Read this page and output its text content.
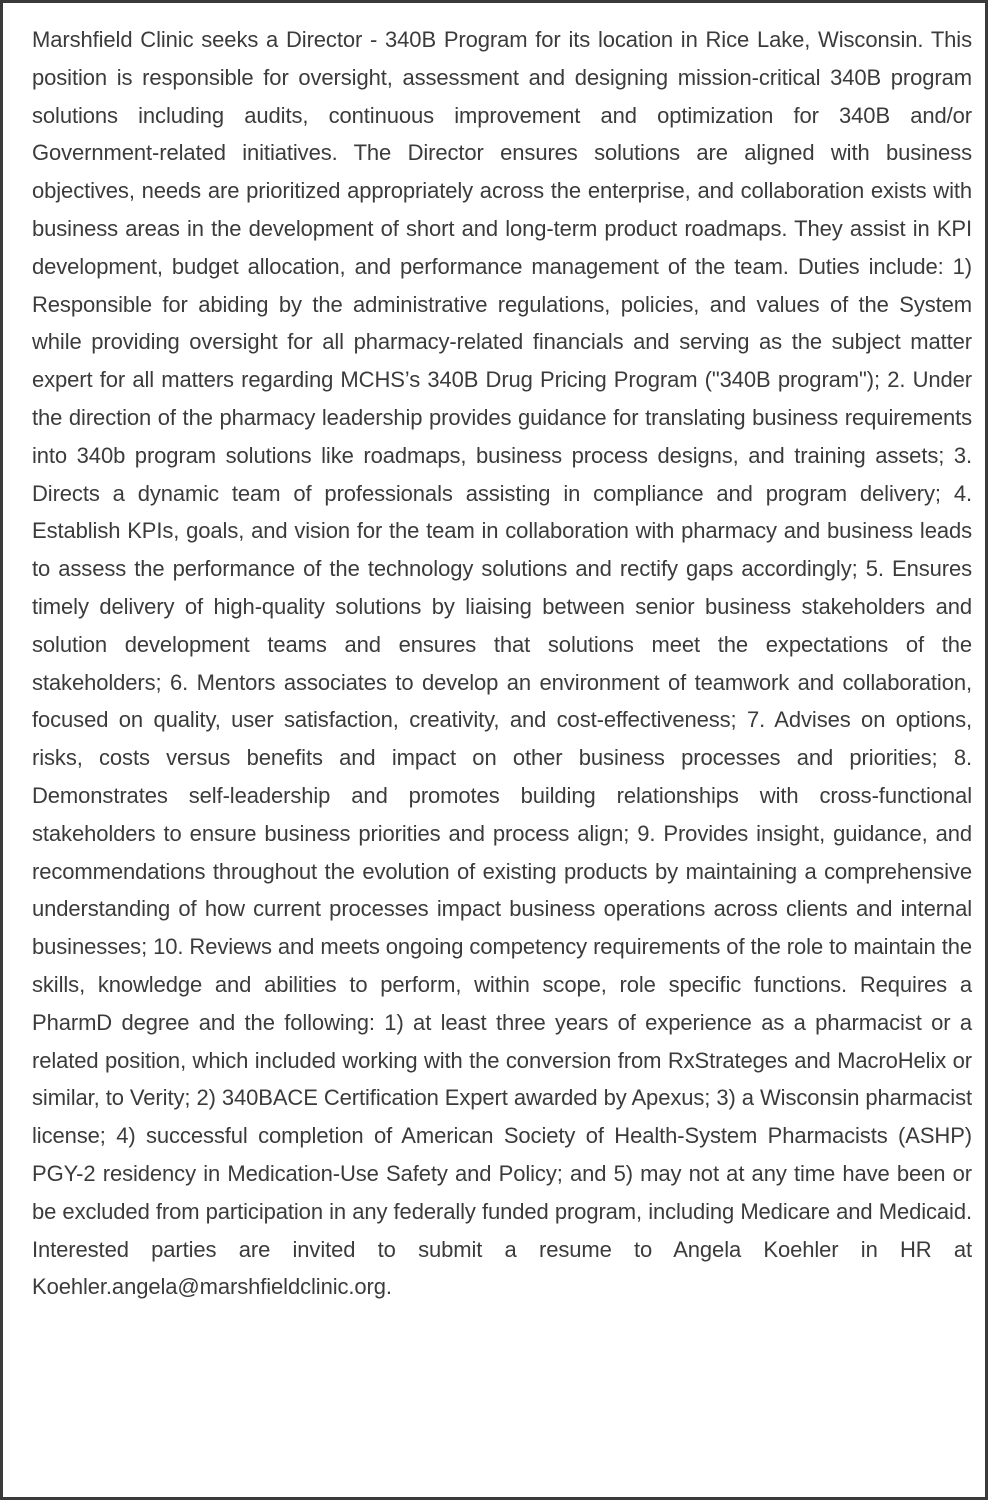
Marshfield Clinic seeks a Director - 340B Program for its location in Rice Lake, Wisconsin. This position is responsible for oversight, assessment and designing mission-critical 340B program solutions including audits, continuous improvement and optimization for 340B and/or Government-related initiatives. The Director ensures solutions are aligned with business objectives, needs are prioritized appropriately across the enterprise, and collaboration exists with business areas in the development of short and long-term product roadmaps. They assist in KPI development, budget allocation, and performance management of the team. Duties include: 1) Responsible for abiding by the administrative regulations, policies, and values of the System while providing oversight for all pharmacy-related financials and serving as the subject matter expert for all matters regarding MCHS’s 340B Drug Pricing Program ("340B program"); 2. Under the direction of the pharmacy leadership provides guidance for translating business requirements into 340b program solutions like roadmaps, business process designs, and training assets; 3. Directs a dynamic team of professionals assisting in compliance and program delivery; 4. Establish KPIs, goals, and vision for the team in collaboration with pharmacy and business leads to assess the performance of the technology solutions and rectify gaps accordingly; 5. Ensures timely delivery of high-quality solutions by liaising between senior business stakeholders and solution development teams and ensures that solutions meet the expectations of the stakeholders; 6. Mentors associates to develop an environment of teamwork and collaboration, focused on quality, user satisfaction, creativity, and cost-effectiveness; 7. Advises on options, risks, costs versus benefits and impact on other business processes and priorities; 8. Demonstrates self-leadership and promotes building relationships with cross-functional stakeholders to ensure business priorities and process align; 9. Provides insight, guidance, and recommendations throughout the evolution of existing products by maintaining a comprehensive understanding of how current processes impact business operations across clients and internal businesses; 10. Reviews and meets ongoing competency requirements of the role to maintain the skills, knowledge and abilities to perform, within scope, role specific functions. Requires a PharmD degree and the following: 1) at least three years of experience as a pharmacist or a related position, which included working with the conversion from RxStrateges and MacroHelix or similar, to Verity; 2) 340BACE Certification Expert awarded by Apexus; 3) a Wisconsin pharmacist license; 4) successful completion of American Society of Health-System Pharmacists (ASHP) PGY-2 residency in Medication-Use Safety and Policy; and 5) may not at any time have been or be excluded from participation in any federally funded program, including Medicare and Medicaid. Interested parties are invited to submit a resume to Angela Koehler in HR at Koehler.angela@marshfieldclinic.org.
